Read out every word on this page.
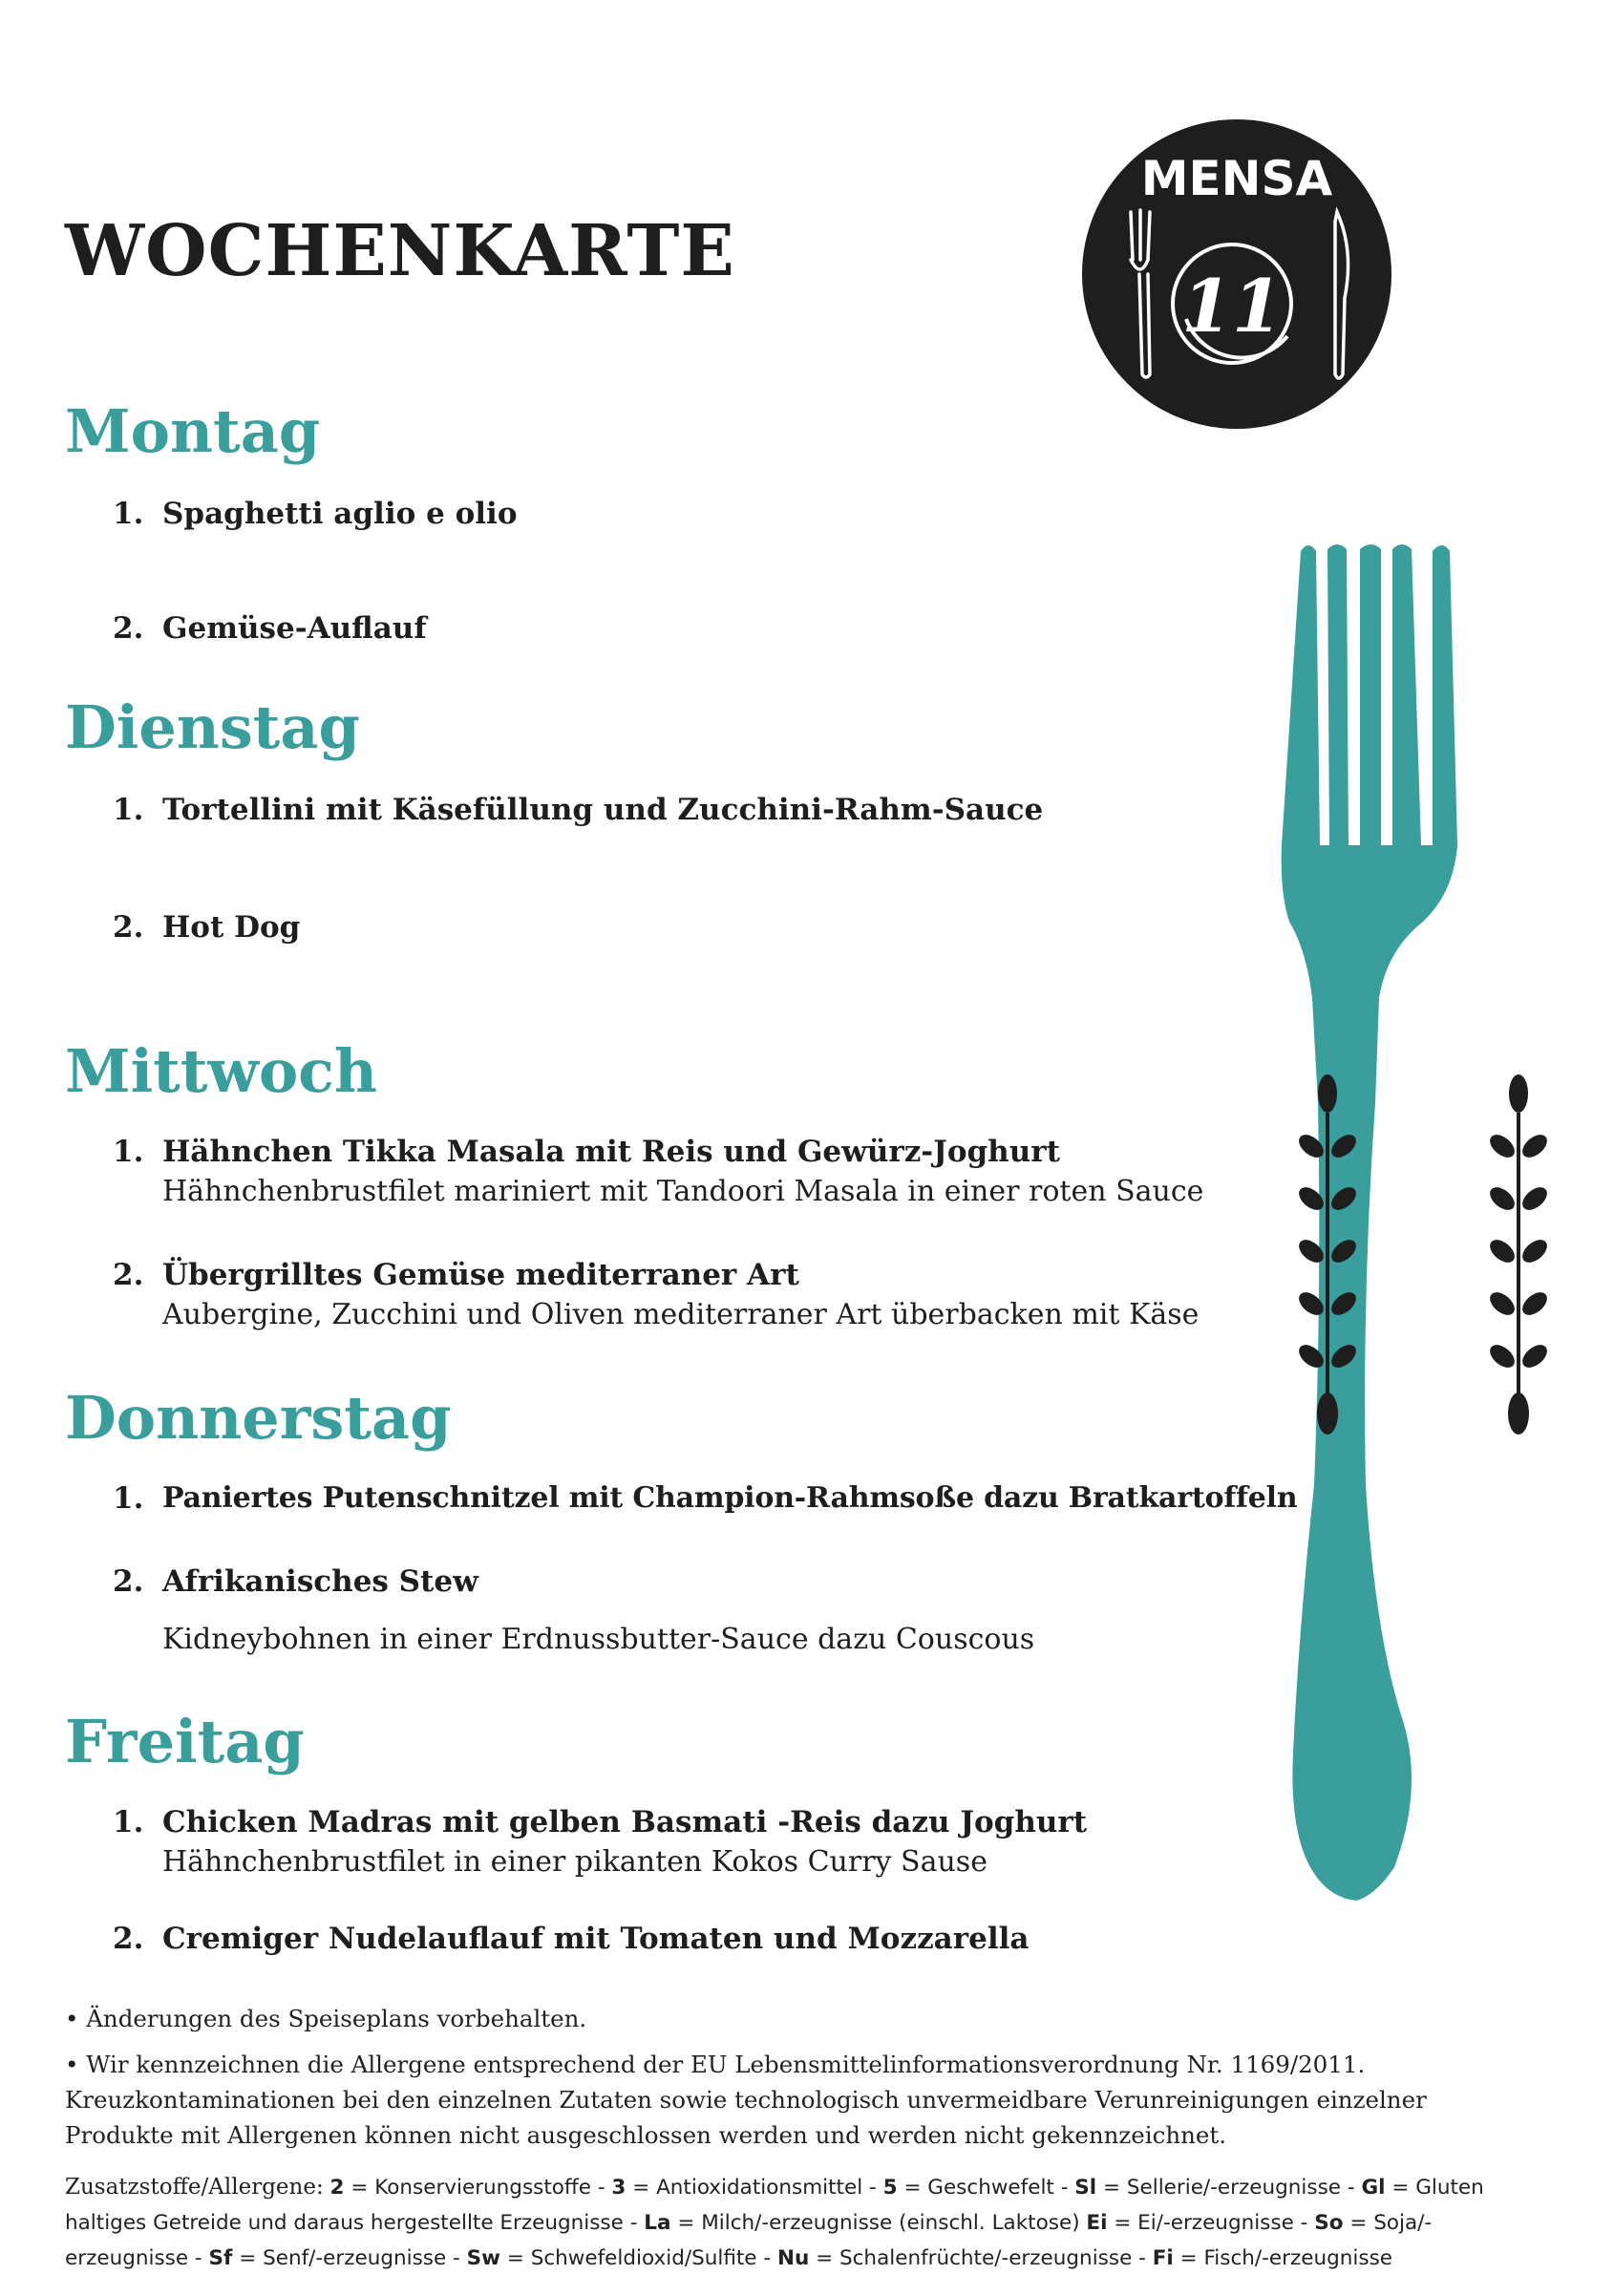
WOCHENKARTE
MENSA
11
Montag
1. Spaghetti aglio e olio
2. Gemüse-Auflauf
Dienstag
1. Tortellini mit Käsefüllung und Zucchini-Rahm-Sauce
2. Hot Dog
Mittwoch
1. Hähnchen Tikka Masala mit Reis und Gewürz-Joghurt
Hähnchenbrustfilet mariniert mit Tandoori Masala in einer roten Sauce
2. Übergrilltes Gemüse mediterraner Art
Aubergine, Zucchini und Oliven mediterraner Art überbacken mit Käse
Donnerstag
1. Paniertes Putenschnitzel mit Champion-Rahmsoße dazu Bratkartoffeln
2. Afrikanisches Stew
Kidneybohnen in einer Erdnussbutter-Sauce dazu Couscous
Freitag
1. Chicken Madras mit gelben Basmati -Reis dazu Joghurt
Hähnchenbrustfilet in einer pikanten Kokos Curry Sause
2. Cremiger Nudelauflauf mit Tomaten und Mozzarella

• Änderungen des Speiseplans vorbehalten.

• Wir kennzeichnen die Allergene entsprechend der EU Lebensmittelinformationsverordnung Nr. 1169/2011. Kreuzkontaminationen bei den einzelnen Zutaten sowie technologisch unvermeidbare Verunreinigungen einzelner Produkte mit Allergenen können nicht ausgeschlossen werden und werden nicht gekennzeichnet.

Zusatzstoffe/Allergene: 2 = Konservierungsstoffe - 3 = Antioxidationsmittel - 5 = Geschwefelt - Sl = Sellerie/-erzeugnisse - Gl = Gluten haltiges Getreide und daraus hergestellte Erzeugnisse - La = Milch/-erzeugnisse (einschl. Laktose) Ei = Ei/-erzeugnisse - So = Soja/-erzeugnisse - Sf = Senf/-erzeugnisse - Sw = Schwefeldioxid/Sulfite - Nu = Schalenfrüchte/-erzeugnisse - Fi = Fisch/-erzeugnisse
